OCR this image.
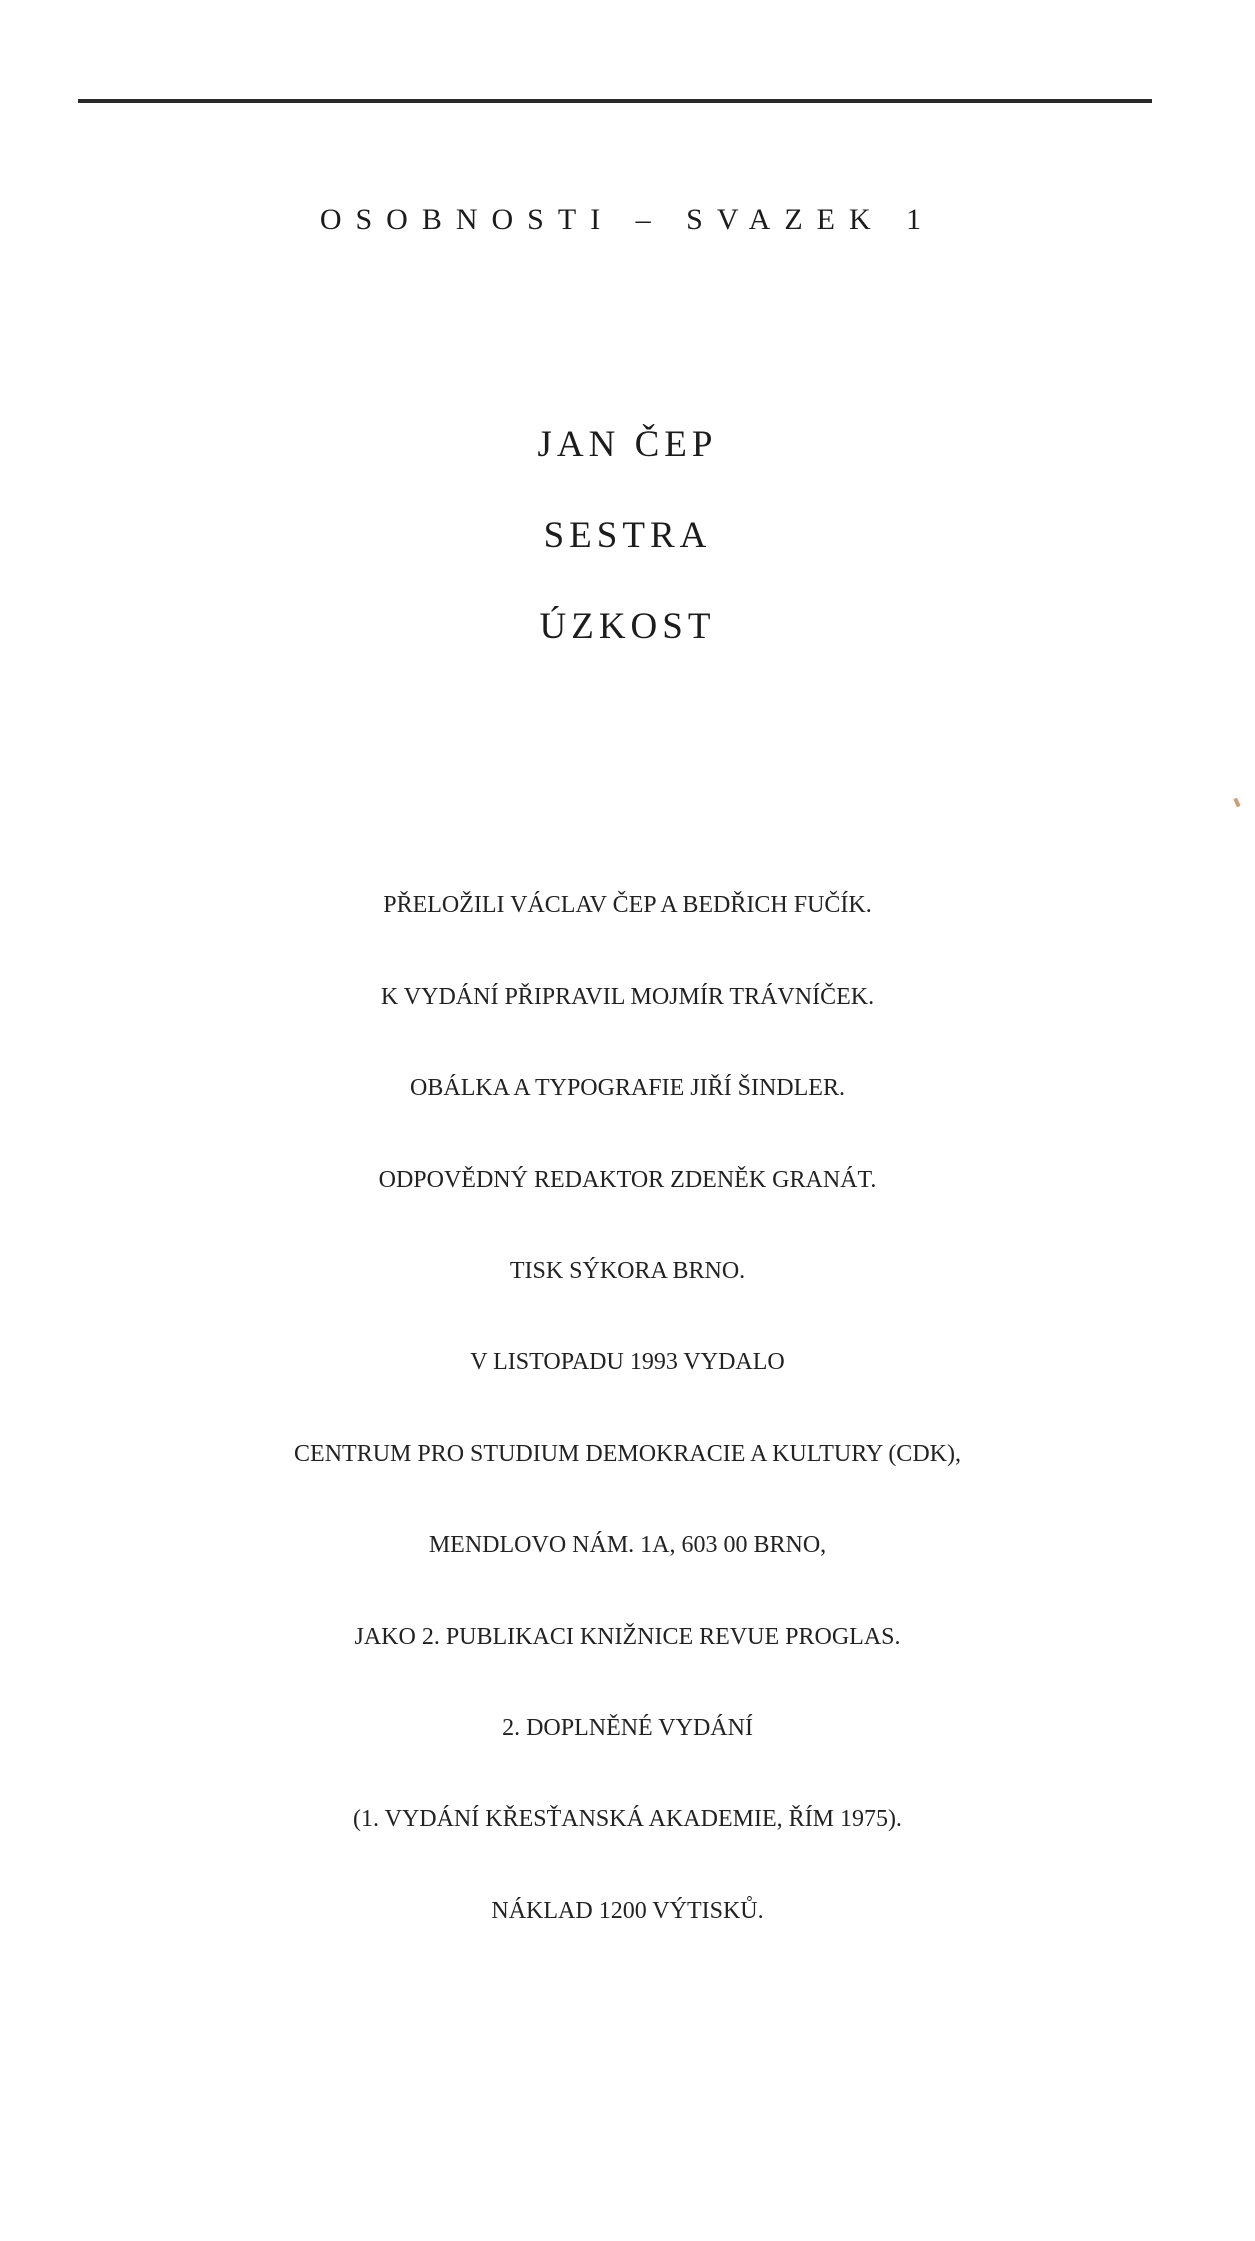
OSOBNOSTI – SVAZEK 1
JAN ČEP
SESTRA
ÚZKOST
PŘELOŽILI VÁCLAV ČEP A BEDŘICH FUČÍK.
K VYDÁNÍ PŘIPRAVIL MOJMÍR TRÁVNÍČEK.
OBÁLKA A TYPOGRAFIE JIŘÍ ŠINDLER.
ODPOVĚDNÝ REDAKTOR ZDENĚK GRANÁT.
TISK SÝKORA BRNO.
V LISTOPADU 1993 VYDALO
CENTRUM PRO STUDIUM DEMOKRACIE A KULTURY (CDK),
MENDLOVO NÁM. 1A, 603 00 BRNO,
JAKO 2. PUBLIKACI KNIŽNICE REVUE PROGLAS.
2. DOPLNĚNÉ VYDÁNÍ
(1. VYDÁNÍ KŘESŤANSKÁ AKADEMIE, ŘÍM 1975).
NÁKLAD 1200 VÝTISKŮ.
